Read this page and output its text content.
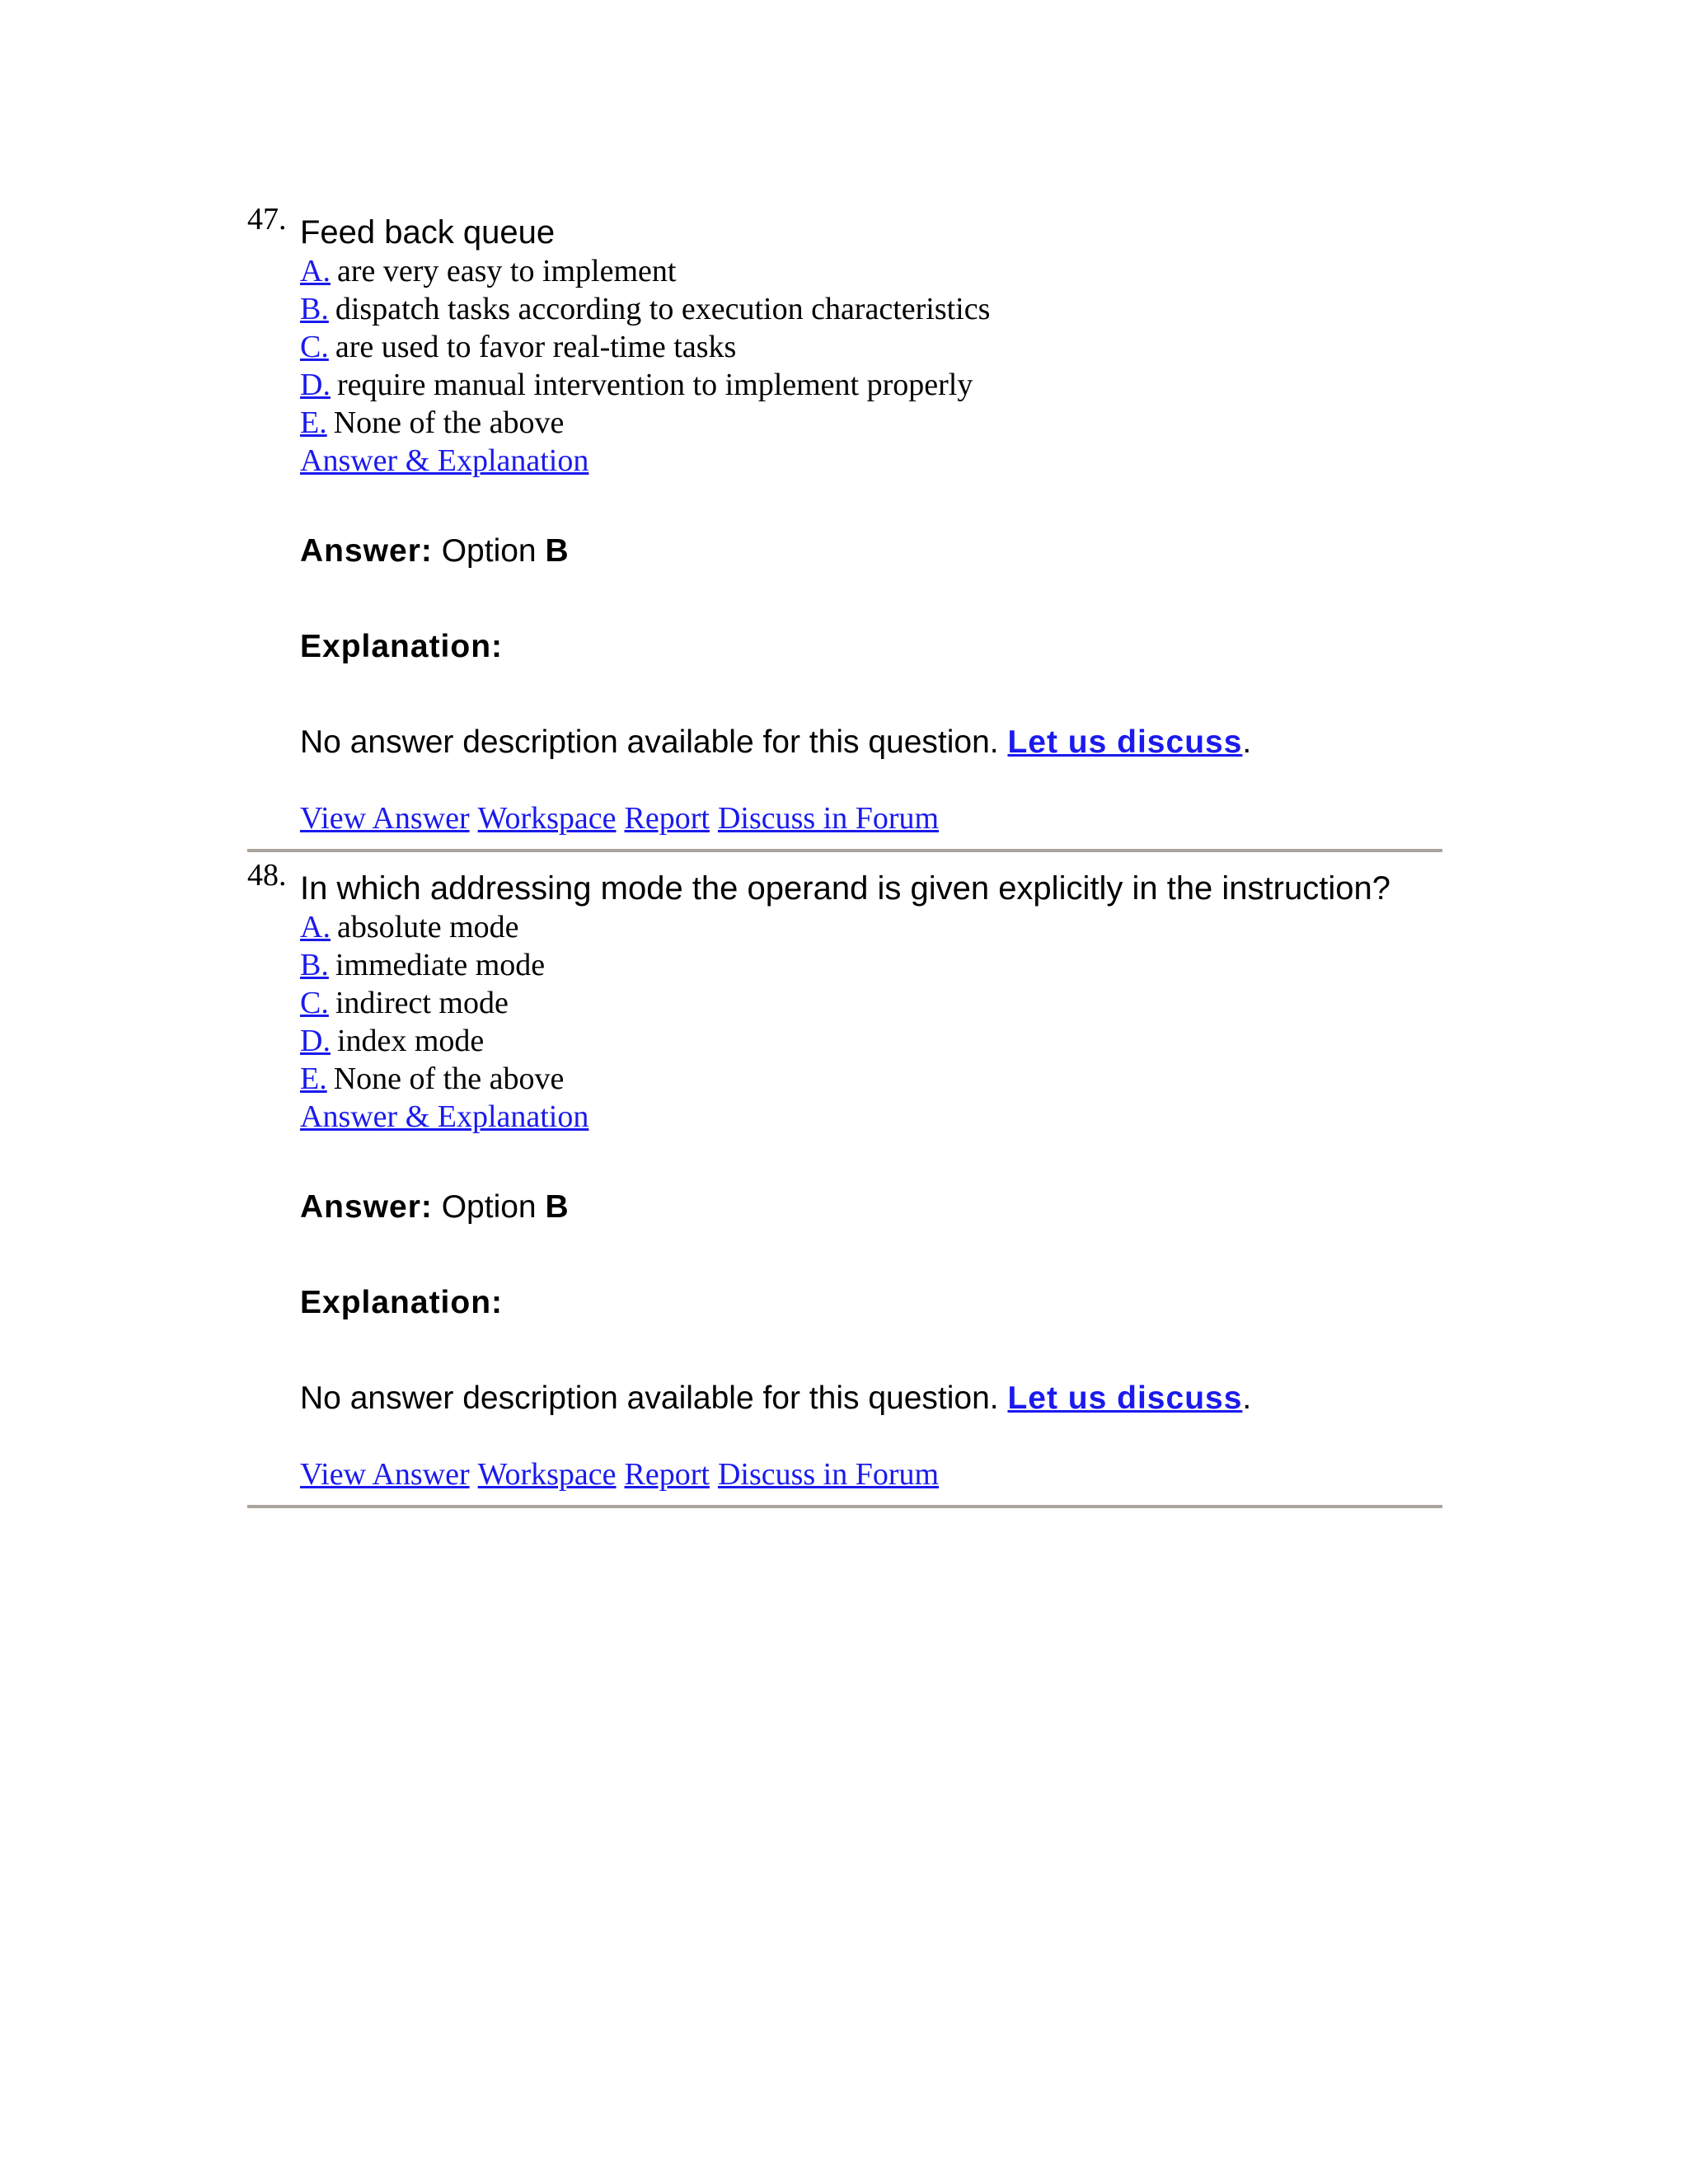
47. Feed back queue
A. are very easy to implement
B. dispatch tasks according to execution characteristics
C. are used to favor real-time tasks
D. require manual intervention to implement properly
E. None of the above
Answer & Explanation
Answer: Option B
Explanation:
No answer description available for this question. Let us discuss.
View Answer Workspace Report Discuss in Forum
48. In which addressing mode the operand is given explicitly in the instruction?
A. absolute mode
B. immediate mode
C. indirect mode
D. index mode
E. None of the above
Answer & Explanation
Answer: Option B
Explanation:
No answer description available for this question. Let us discuss.
View Answer Workspace Report Discuss in Forum
